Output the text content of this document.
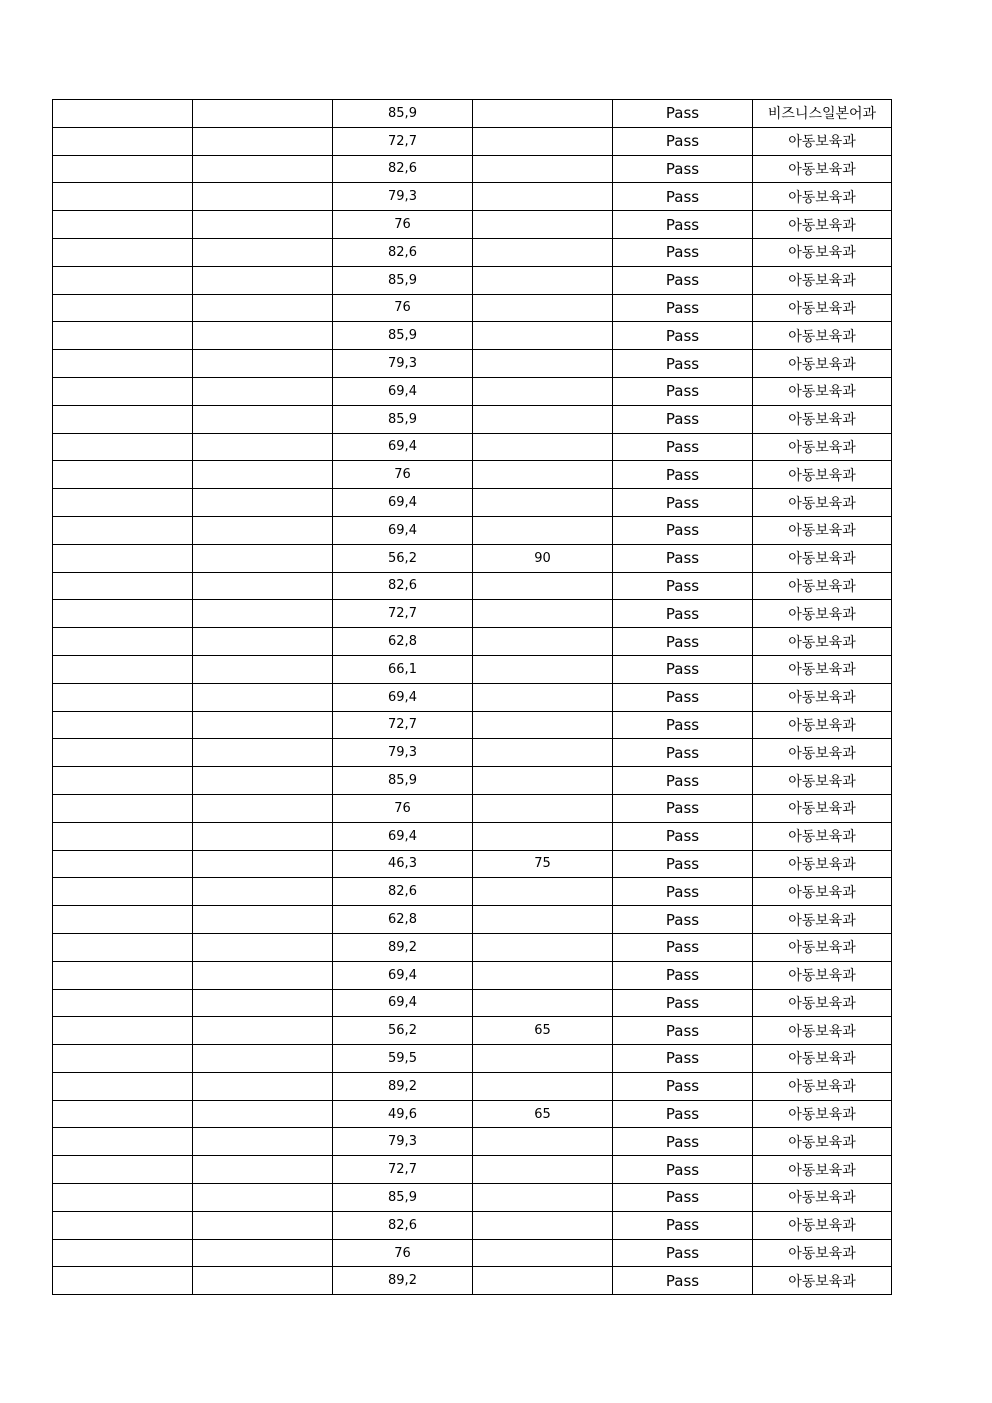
		85,9		Pass	비즈니스일본어과
		72,7		Pass	아동보육과
		82,6		Pass	아동보육과
		79,3		Pass	아동보육과
		76		Pass	아동보육과
		82,6		Pass	아동보육과
		85,9		Pass	아동보육과
		76		Pass	아동보육과
		85,9		Pass	아동보육과
		79,3		Pass	아동보육과
		69,4		Pass	아동보육과
		85,9		Pass	아동보육과
		69,4		Pass	아동보육과
		76		Pass	아동보육과
		69,4		Pass	아동보육과
		69,4		Pass	아동보육과
		56,2	90	Pass	아동보육과
		82,6		Pass	아동보육과
		72,7		Pass	아동보육과
		62,8		Pass	아동보육과
		66,1		Pass	아동보육과
		69,4		Pass	아동보육과
		72,7		Pass	아동보육과
		79,3		Pass	아동보육과
		85,9		Pass	아동보육과
		76		Pass	아동보육과
		69,4		Pass	아동보육과
		46,3	75	Pass	아동보육과
		82,6		Pass	아동보육과
		62,8		Pass	아동보육과
		89,2		Pass	아동보육과
		69,4		Pass	아동보육과
		69,4		Pass	아동보육과
		56,2	65	Pass	아동보육과
		59,5		Pass	아동보육과
		89,2		Pass	아동보육과
		49,6	65	Pass	아동보육과
		79,3		Pass	아동보육과
		72,7		Pass	아동보육과
		85,9		Pass	아동보육과
		82,6		Pass	아동보육과
		76		Pass	아동보육과
		89,2		Pass	아동보육과
